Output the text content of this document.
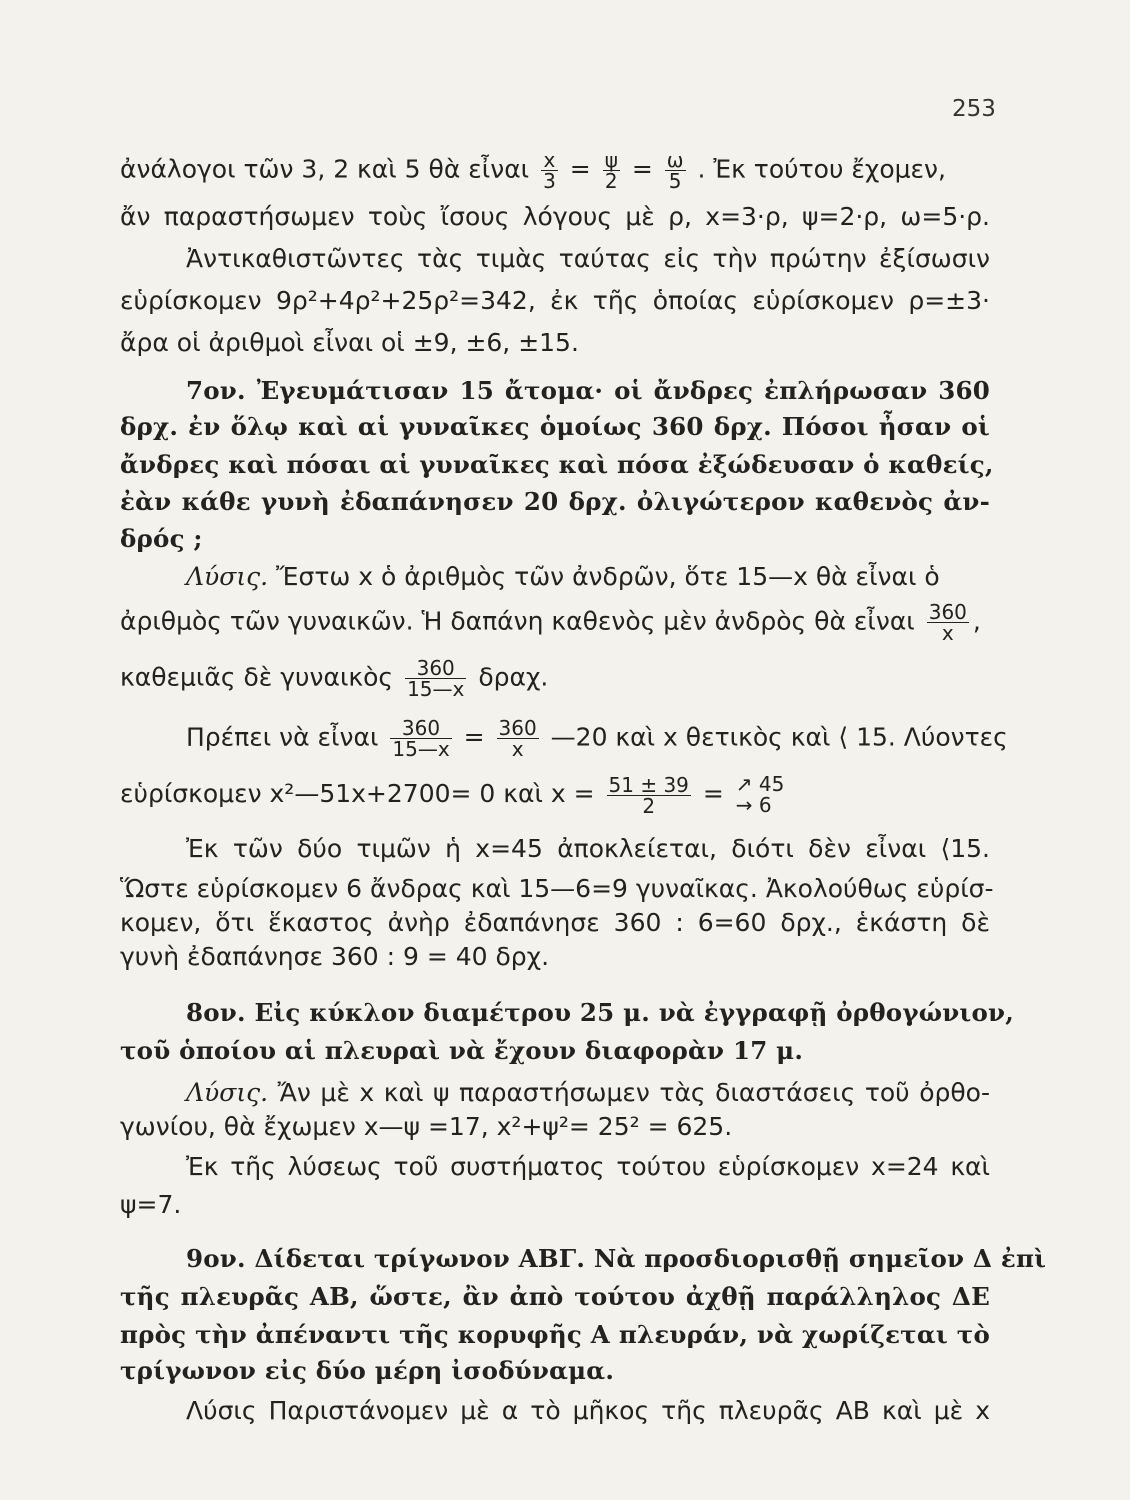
253
ἀνάλογοι τῶν 3, 2 καὶ 5 θὰ εἶναι $\frac{x}{3} = \frac{\psi}{2} = \frac{\omega}{5}$ . Ἐκ τούτου ἔχομεν,
ἄν παραστήσωμεν τοὺς ἴσους λόγους μὲ ρ, x=3·ρ, ψ=2·ρ, ω=5·ρ.
Ἀντικαθιστῶντες τὰς τιμὰς ταύτας εἰς τὴν πρώτην ἐξίσωσιν
εὑρίσκομεν 9ρ²+4ρ²+25ρ²=342, ἐκ τῆς ὁποίας εὑρίσκομεν ρ=±3·
ἄρα οἱ ἀριθμοὶ εἶναι οἱ ±9, ±6, ±15.
7ον. Ἐγευμάτισαν 15 ἄτομα· οἱ ἄνδρες ἐπλήρωσαν 360
δρχ. ἐν ὅλῳ καὶ αἱ γυναῖκες ὁμοίως 360 δρχ. Πόσοι ἦσαν οἱ
ἄνδρες καὶ πόσαι αἱ γυναῖκες καὶ πόσα ἐξώδευσαν ὁ καθείς,
ἐὰν κάθε γυνὴ ἐδαπάνησεν 20 δρχ. ὀλιγώτερον καθενὸς ἀν-
δρός ;
Λύσις. Ἔστω x ὁ ἀριθμὸς τῶν ἀνδρῶν, ὅτε 15—x θὰ εἶναι ὁ
ἀριθμὸς τῶν γυναικῶν. Ἡ δαπάνη καθενὸς μὲν ἀνδρὸς θὰ εἶναι $\frac{360}{x}$ ,
καθεμιᾶς δὲ γυναικὸς $\frac{360}{15—x} \delta\rho\alpha\chi$.
Πρέπει νὰ εἶναι $\frac{360}{15—x} = \frac{360}{x}$ —20 καὶ x θετικὸς καὶ ⟨ 15. Λύοντες
εὑρίσκομεν x²—51x+2700= 0 καὶ $x = \frac{51 \pm 39}{2}$ = ↗ 45
→ 6
Ἐκ τῶν δύο τιμῶν ἡ x=45 ἀποκλείεται, διότι δὲν εἶναι ⟨15.
Ὥστε εὑρίσκομεν 6 ἄνδρας καὶ 15—6=9 γυναῖκας. Ἀκολούθως εὑρίσ-
κομεν, ὅτι ἕκαστος ἀνὴρ ἐδαπάνησε 360 : 6=60 δρχ., ἑκάστη δὲ
γυνὴ ἐδαπάνησε 360 : 9 = 40 δρχ.
8ον. Εἰς κύκλον διαμέτρου 25 μ. νὰ ἐγγραφῇ ὀρθογώνιον,
τοῦ ὁποίου αἱ πλευραὶ νὰ ἔχουν διαφορὰν 17 μ.
Λύσις. Ἄν μὲ x καὶ ψ παραστήσωμεν τὰς διαστάσεις τοῦ ὀρθο-
γωνίου, θὰ ἔχωμεν x—ψ =17, x²+ψ²= 25² = 625.
Ἐκ τῆς λύσεως τοῦ συστήματος τούτου εὑρίσκομεν x=24 καὶ
ψ=7.
9ον. Δίδεται τρίγωνον ΑΒΓ. Νὰ προσδιορισθῇ σημεῖον Δ ἐπὶ
τῆς πλευρᾶς ΑΒ, ὥστε, ἂν ἀπὸ τούτου ἀχθῇ παράλληλος ΔΕ
πρὸς τὴν ἀπέναντι τῆς κορυφῆς Α πλευράν, νὰ χωρίζεται τὸ
τρίγωνον εἰς δύο μέρη ἰσοδύναμα.
Λύσις Παριστάνομεν μὲ α τὸ μῆκος τῆς πλευρᾶς ΑΒ καὶ μὲ x
